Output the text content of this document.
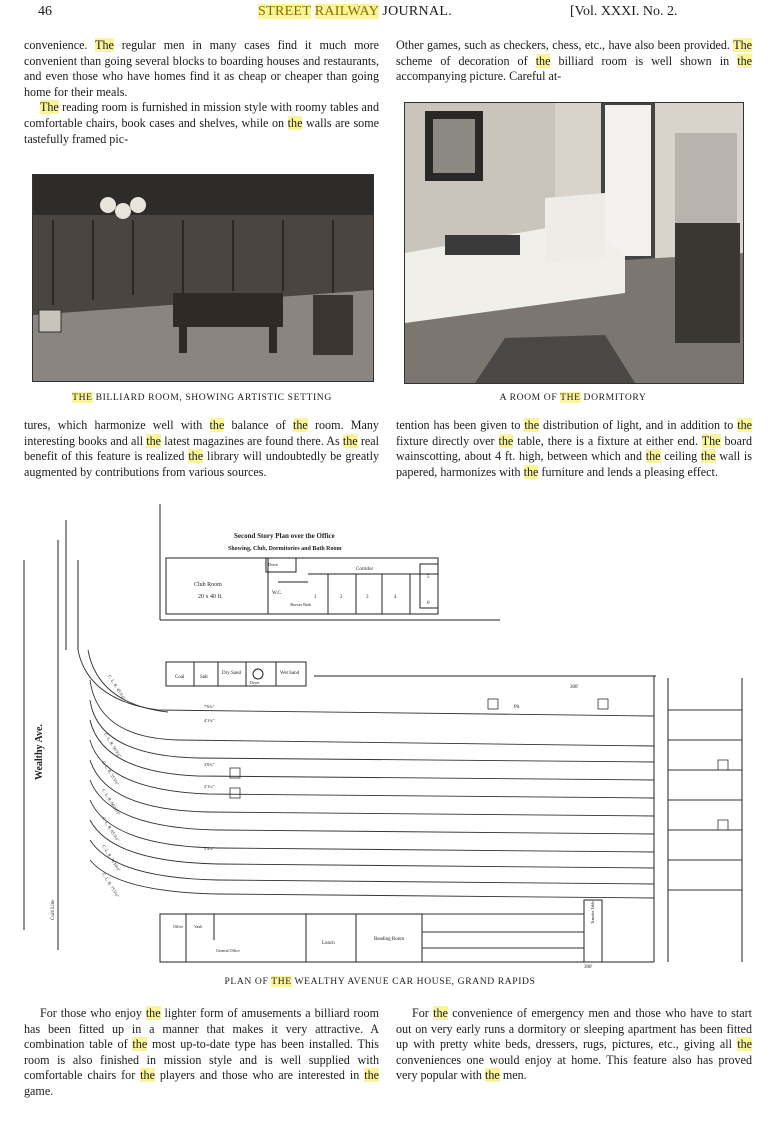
46	STREET RAILWAY JOURNAL.	[Vol. XXXI. No. 2.

convenience. The regular men in many cases find it much more convenient than going several blocks to boarding houses and restaurants, and even those who have homes find it as cheap or cheaper than going home for their meals.

The reading room is furnished in mission style with roomy tables and comfortable chairs, book cases and shelves, while on the walls are some tastefully framed pic-

Other games, such as checkers, chess, etc., have also been provided. The scheme of decoration of the billiard room is well shown in the accompanying picture. Careful at-

THE BILLIARD ROOM, SHOWING ARTISTIC SETTING	A ROOM OF THE DORMITORY

tures, which harmonize well with the balance of the room. Many interesting books and all the latest magazines are found there. As the real benefit of this feature is realized the library will undoubtedly be greatly augmented by contributions from various sources.

tention has been given to the distribution of light, and in addition to the fixture directly over the table, there is a fixture at either end. The board wainscotting, about 4 ft. high, between which and the ceiling the wall is papered, harmonizes with the furniture and lends a pleasing effect.

Second Story Plan over the Office
Showing, Club, Dormitories and Bath Room
Club Room
20 x 40 ft.
Corridor
Down
W.C.
Shower Bath
1	2	3	4
5
6
Coal	Salt
Dry Sand
Dryer
Wet Sand
Wealthy Ave.
Curb Line
300'
300'
Pit
Transfer Table
Office	Vault
General Office
Lunch
Reading Room
C. L. R. 45'3½"
C. L. R. 50'3½"
C. L. R. 55'3½"
C. L. R. 60'11½"
C. L. R. 65'3½"
C. L. R. 70'10½"
C. L. R. 75'3½"
7'6¾"
4'1¾"
2'0¾"
2'1¼"
5'4¼"
PLAN OF THE WEALTHY AVENUE CAR HOUSE, GRAND RAPIDS

For those who enjoy the lighter form of amusements a billiard room has been fitted up in a manner that makes it very attractive. A combination table of the most up-to-date type has been installed. This room is also finished in mission style and is well supplied with comfortable chairs for the players and those who are interested in the game.

For the convenience of emergency men and those who have to start out on very early runs a dormitory or sleeping apartment has been fitted up with pretty white beds, dressers, rugs, pictures, etc., giving all the conveniences one would enjoy at home. This feature also has proved very popular with the men.
